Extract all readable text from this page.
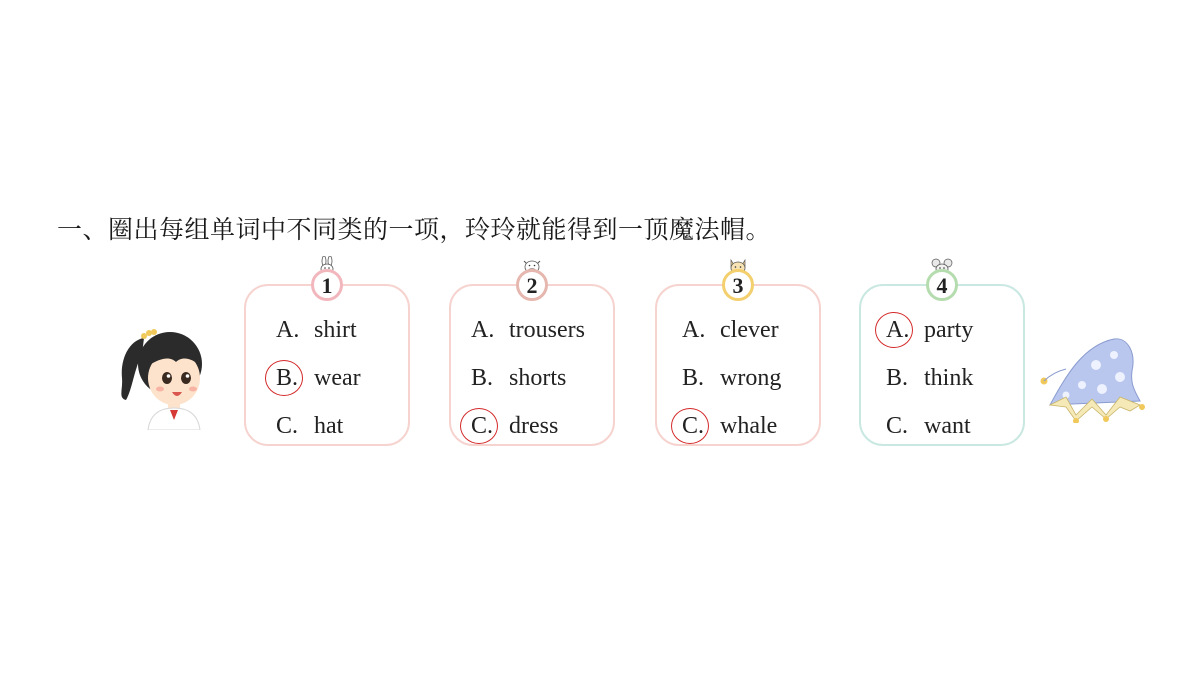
一、圈出每组单词中不同类的一项，玲玲就能得到一顶魔法帽。
1
A. shirt
B. wear
C. hat
2
A. trousers
B. shorts
C. dress
3
A. clever
B. wrong
C. whale
4
A. party
B. think
C. want
